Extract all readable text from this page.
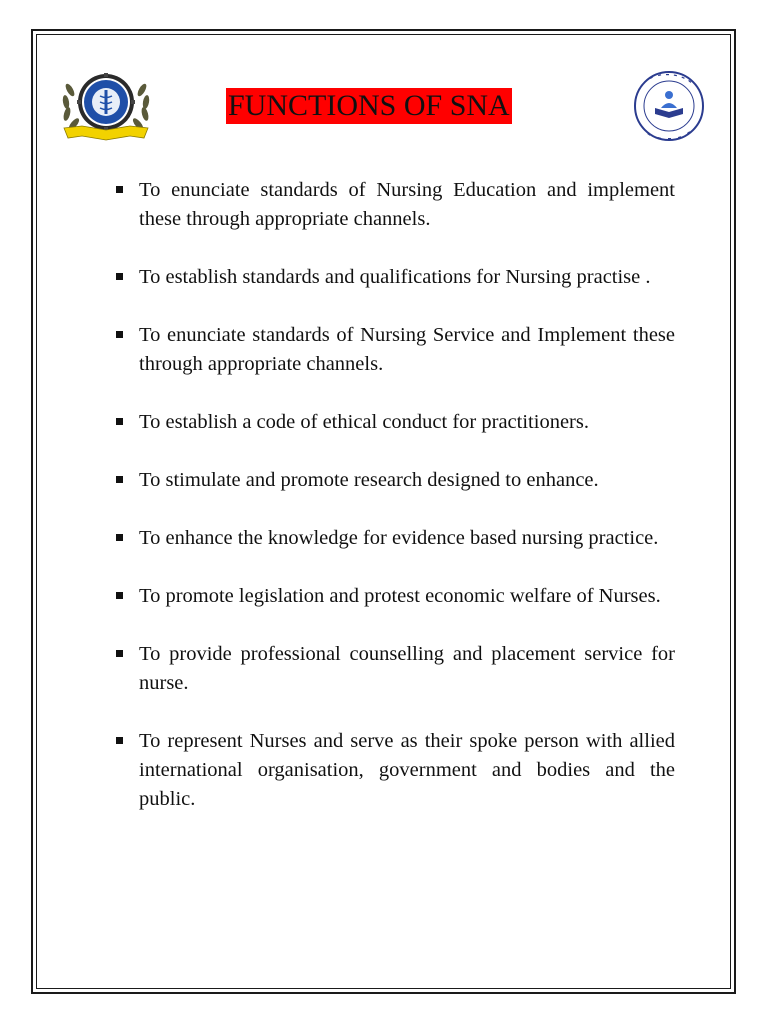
FUNCTIONS OF SNA
To enunciate standards of Nursing Education and implement these through appropriate channels.
To establish standards and qualifications for Nursing practise .
To enunciate standards of Nursing Service and Implement these through appropriate channels.
To establish a code of ethical conduct for practitioners.
To stimulate and promote research designed to enhance.
To enhance the knowledge for evidence based nursing practice.
To promote legislation and protest economic welfare of Nurses.
To provide professional counselling and placement service for nurse.
To represent Nurses and serve as their spoke person with allied international organisation, government and bodies and the public.
